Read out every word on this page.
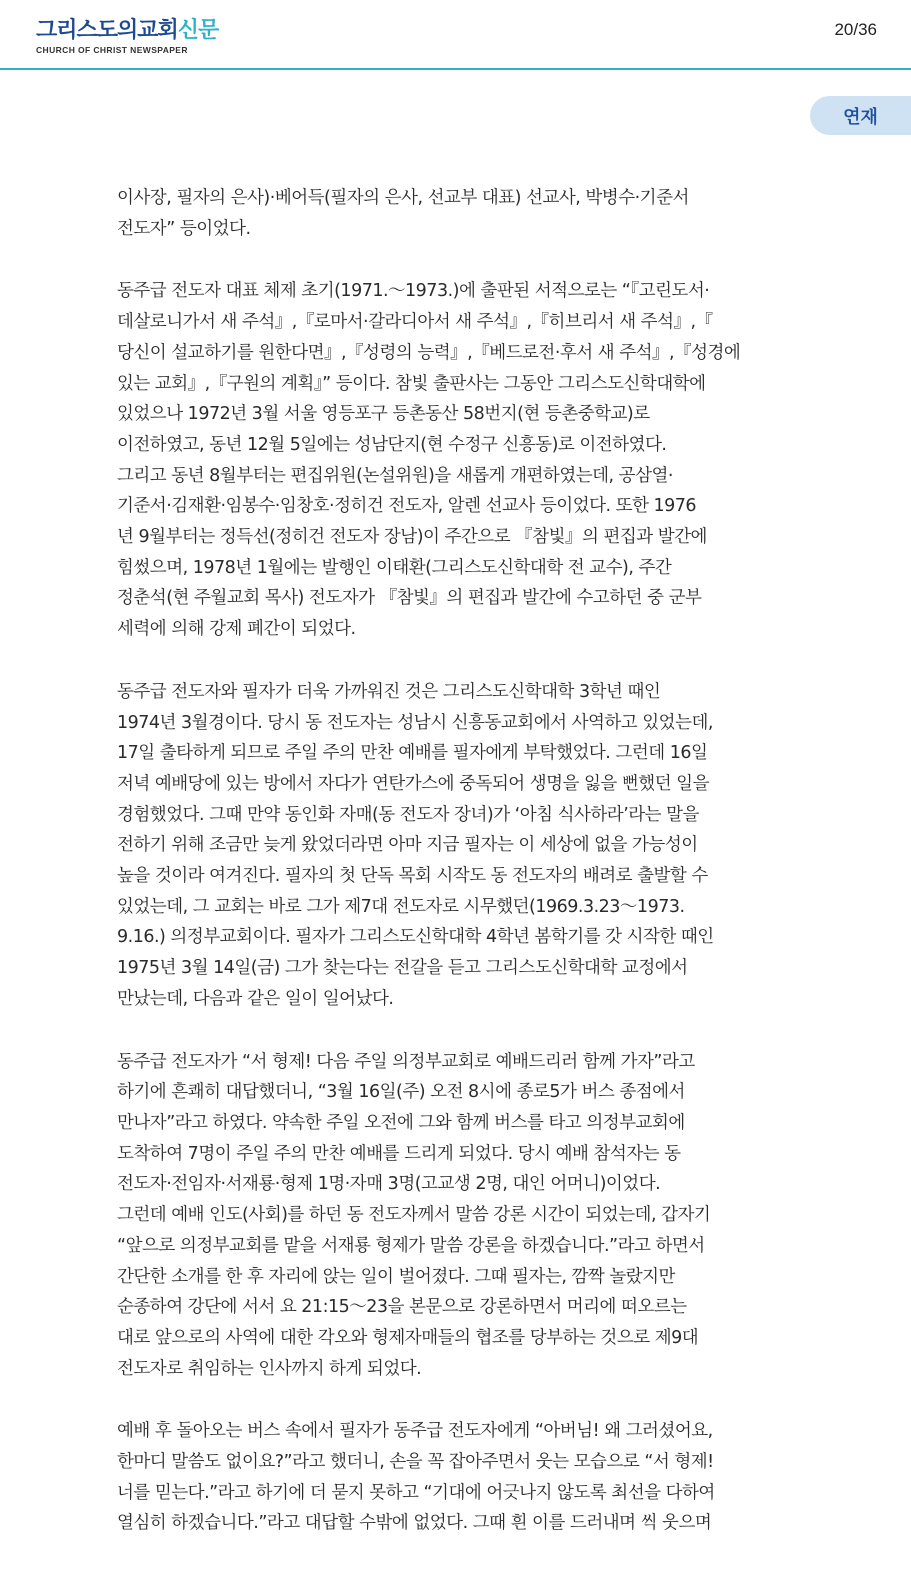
그리스도의교회신문
CHURCH OF CHRIST NEWSPAPER
20/36
연재

이사장, 필자의 은사)·베어득(필자의 은사, 선교부 대표) 선교사, 박병수·기준서
전도자” 등이었다.

동주급 전도자 대표 체제 초기(1971.～1973.)에 출판된 서적으로는 “『고린도서·
데살로니가서 새 주석』,『로마서·갈라디아서 새 주석』,『히브리서 새 주석』,『
당신이 설교하기를 원한다면』,『성령의 능력』,『베드로전·후서 새 주석』,『성경에
있는 교회』,『구원의 계획』” 등이다. 참빛 출판사는 그동안 그리스도신학대학에
있었으나 1972년 3월 서울 영등포구 등촌동산 58번지(현 등촌중학교)로
이전하였고, 동년 12월 5일에는 성남단지(현 수정구 신흥동)로 이전하였다.
그리고 동년 8월부터는 편집위원(논설위원)을 새롭게 개편하였는데, 공삼열·
기준서·김재환·임봉수·임창호·정히건 전도자, 알렌 선교사 등이었다. 또한 1976
년 9월부터는 정득선(정히건 전도자 장남)이 주간으로 『참빛』의 편집과 발간에
힘썼으며, 1978년 1월에는 발행인 이태환(그리스도신학대학 전 교수), 주간
정춘석(현 주월교회 목사) 전도자가 『참빛』의 편집과 발간에 수고하던 중 군부
세력에 의해 강제 폐간이 되었다.

동주급 전도자와 필자가 더욱 가까워진 것은 그리스도신학대학 3학년 때인
1974년 3월경이다. 당시 동 전도자는 성남시 신흥동교회에서 사역하고 있었는데,
17일 출타하게 되므로 주일 주의 만찬 예배를 필자에게 부탁했었다. 그런데 16일
저녁 예배당에 있는 방에서 자다가 연탄가스에 중독되어 생명을 잃을 뻔했던 일을
경험했었다. 그때 만약 동인화 자매(동 전도자 장녀)가 ‘아침 식사하라’라는 말을
전하기 위해 조금만 늦게 왔었더라면 아마 지금 필자는 이 세상에 없을 가능성이
높을 것이라 여겨진다. 필자의 첫 단독 목회 시작도 동 전도자의 배려로 출발할 수
있었는데, 그 교회는 바로 그가 제7대 전도자로 시무했던(1969.3.23～1973.
9.16.) 의정부교회이다. 필자가 그리스도신학대학 4학년 봄학기를 갓 시작한 때인
1975년 3월 14일(금) 그가 찾는다는 전갈을 듣고 그리스도신학대학 교정에서
만났는데, 다음과 같은 일이 일어났다.

동주급 전도자가 “서 형제! 다음 주일 의정부교회로 예배드리러 함께 가자”라고
하기에 흔쾌히 대답했더니, “3월 16일(주) 오전 8시에 종로5가 버스 종점에서
만나자”라고 하였다. 약속한 주일 오전에 그와 함께 버스를 타고 의정부교회에
도착하여 7명이 주일 주의 만찬 예배를 드리게 되었다. 당시 예배 참석자는 동
전도자·전임자·서재룡·형제 1명·자매 3명(고교생 2명, 대인 어머니)이었다.
그런데 예배 인도(사회)를 하던 동 전도자께서 말씀 강론 시간이 되었는데, 갑자기
“앞으로 의정부교회를 맡을 서재룡 형제가 말씀 강론을 하겠습니다.”라고 하면서
간단한 소개를 한 후 자리에 앉는 일이 벌어졌다. 그때 필자는, 깜짝 놀랐지만
순종하여 강단에 서서 요 21:15～23을 본문으로 강론하면서 머리에 떠오르는
대로 앞으로의 사역에 대한 각오와 형제자매들의 협조를 당부하는 것으로 제9대
전도자로 취임하는 인사까지 하게 되었다.

예배 후 돌아오는 버스 속에서 필자가 동주급 전도자에게 “아버님! 왜 그러셨어요,
한마디 말씀도 없이요?”라고 했더니, 손을 꼭 잡아주면서 웃는 모습으로 “서 형제!
너를 믿는다.”라고 하기에 더 묻지 못하고 “기대에 어긋나지 않도록 최선을 다하여
열심히 하겠습니다.”라고 대답할 수밖에 없었다. 그때 흰 이를 드러내며 씩 웃으며
